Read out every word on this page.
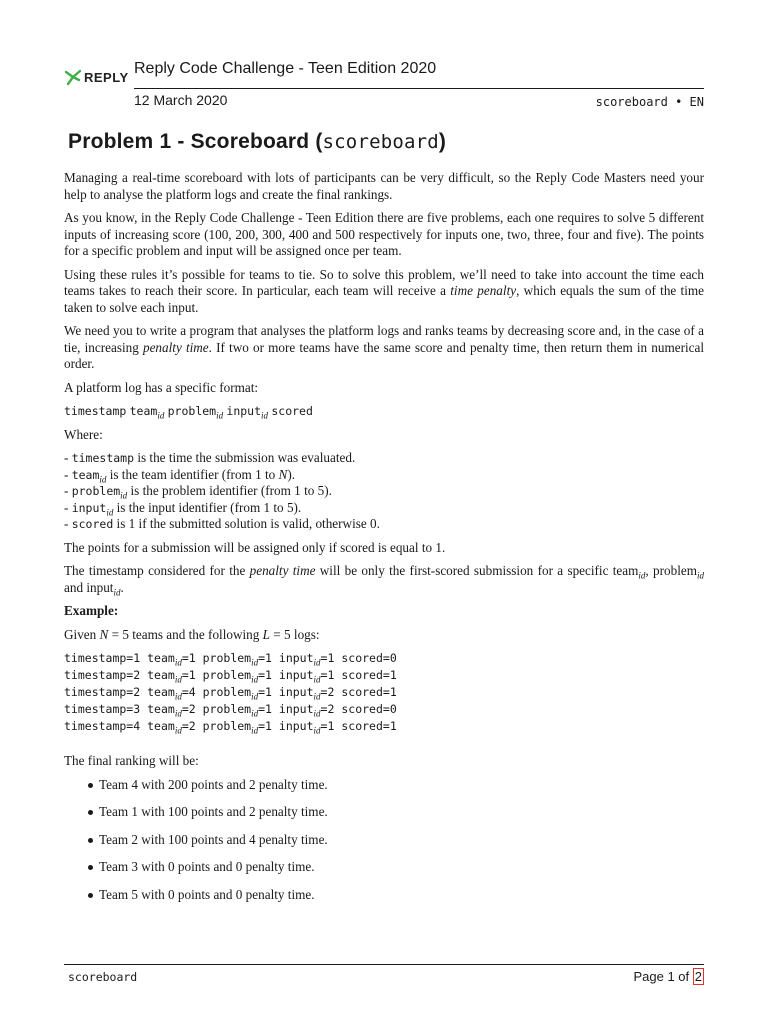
REPLY Reply Code Challenge - Teen Edition 2020
12 March 2020	scoreboard • EN
Problem 1 - Scoreboard (scoreboard)

Managing a real-time scoreboard with lots of participants can be very difficult, so the Reply Code Masters need your help to analyse the platform logs and create the final rankings.

As you know, in the Reply Code Challenge - Teen Edition there are five problems, each one requires to solve 5 different inputs of increasing score (100, 200, 300, 400 and 500 respectively for inputs one, two, three, four and five). The points for a specific problem and input will be assigned once per team.

Using these rules it’s possible for teams to tie. So to solve this problem, we’ll need to take into account the time each teams takes to reach their score. In particular, each team will receive a time penalty, which equals the sum of the time taken to solve each input.

We need you to write a program that analyses the platform logs and ranks teams by decreasing score and, in the case of a tie, increasing penalty time. If two or more teams have the same score and penalty time, then return them in numerical order.

A platform log has a specific format:

timestamp team$_{id}$ problem$_{id}$ input$_{id}$ scored

Where:

- timestamp is the time the submission was evaluated.
- team$_{id}$ is the team identifier (from 1 to N).
- problem$_{id}$ is the problem identifier (from 1 to 5).
- input$_{id}$ is the input identifier (from 1 to 5).
- scored is 1 if the submitted solution is valid, otherwise 0.

The points for a submission will be assigned only if scored is equal to 1.

The timestamp considered for the penalty time will be only the first-scored submission for a specific team$_{id}$, problem$_{id}$ and input$_{id}$.

Example:

Given N = 5 teams and the following L = 5 logs:

timestamp=1 team$_{id}$=1 problem$_{id}$=1 input$_{id}$=1 scored=0
timestamp=2 team$_{id}$=1 problem$_{id}$=1 input$_{id}$=1 scored=1
timestamp=2 team$_{id}$=4 problem$_{id}$=1 input$_{id}$=2 scored=1
timestamp=3 team$_{id}$=2 problem$_{id}$=1 input$_{id}$=2 scored=0
timestamp=4 team$_{id}$=2 problem$_{id}$=1 input$_{id}$=1 scored=1

The final ranking will be:

Team 4 with 200 points and 2 penalty time.
Team 1 with 100 points and 2 penalty time.
Team 2 with 100 points and 4 penalty time.
Team 3 with 0 points and 0 penalty time.
Team 5 with 0 points and 0 penalty time.
scoreboard	Page 1 of 2
